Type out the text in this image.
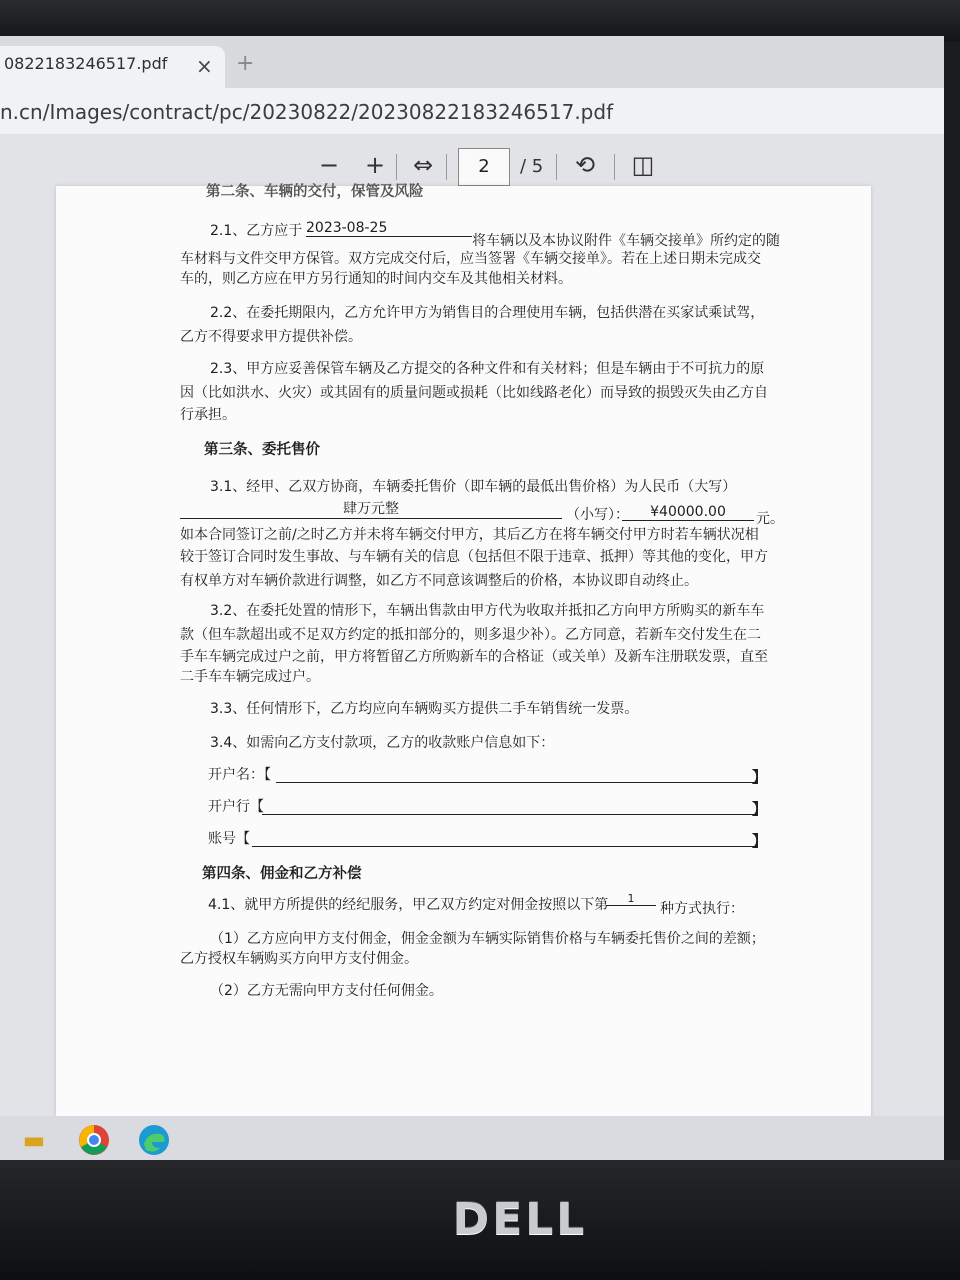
0822183246517.pdf × +
n.cn/Images/contract/pc/20230822/20230822183246517.pdf
− + ⇔	2	/ 5 ⟲ ◫
第二条、车辆的交付，保管及风险
2.1、乙方应于 2023-08-25
将车辆以及本协议附件《车辆交接单》所约定的随
车材料与文件交甲方保管。双方完成交付后，应当签署《车辆交接单》。若在上述日期未完成交
车的，则乙方应在甲方另行通知的时间内交车及其他相关材料。
2.2、在委托期限内，乙方允许甲方为销售目的合理使用车辆，包括供潜在买家试乘试驾，
乙方不得要求甲方提供补偿。
2.3、甲方应妥善保管车辆及乙方提交的各种文件和有关材料；但是车辆由于不可抗力的原
因（比如洪水、火灾）或其固有的质量问题或损耗（比如线路老化）而导致的损毁灭失由乙方自
行承担。
第三条、委托售价
3.1、经甲、乙双方协商，车辆委托售价（即车辆的最低出售价格）为人民币（大写）
肆万元整	（小写）：	¥40000.00	元。
如本合同签订之前/之时乙方并未将车辆交付甲方，其后乙方在将车辆交付甲方时若车辆状况相
较于签订合同时发生事故、与车辆有关的信息（包括但不限于违章、抵押）等其他的变化，甲方
有权单方对车辆价款进行调整，如乙方不同意该调整后的价格，本协议即自动终止。
3.2、在委托处置的情形下，车辆出售款由甲方代为收取并抵扣乙方向甲方所购买的新车车
款（但车款超出或不足双方约定的抵扣部分的，则多退少补）。乙方同意，若新车交付发生在二
手车车辆完成过户之前，甲方将暂留乙方所购新车的合格证（或关单）及新车注册联发票，直至
二手车车辆完成过户。
3.3、任何情形下，乙方均应向车辆购买方提供二手车销售统一发票。
3.4、如需向乙方支付款项，乙方的收款账户信息如下：
开户名：【	】
开户行【	】
账号【	】
第四条、佣金和乙方补偿
4.1、就甲方所提供的经纪服务，甲乙双方约定对佣金按照以下第	1
种方式执行：
（1）乙方应向甲方支付佣金，佣金金额为车辆实际销售价格与车辆委托售价之间的差额；
乙方授权车辆购买方向甲方支付佣金。
（2）乙方无需向甲方支付任何佣金。
▬
DELL
